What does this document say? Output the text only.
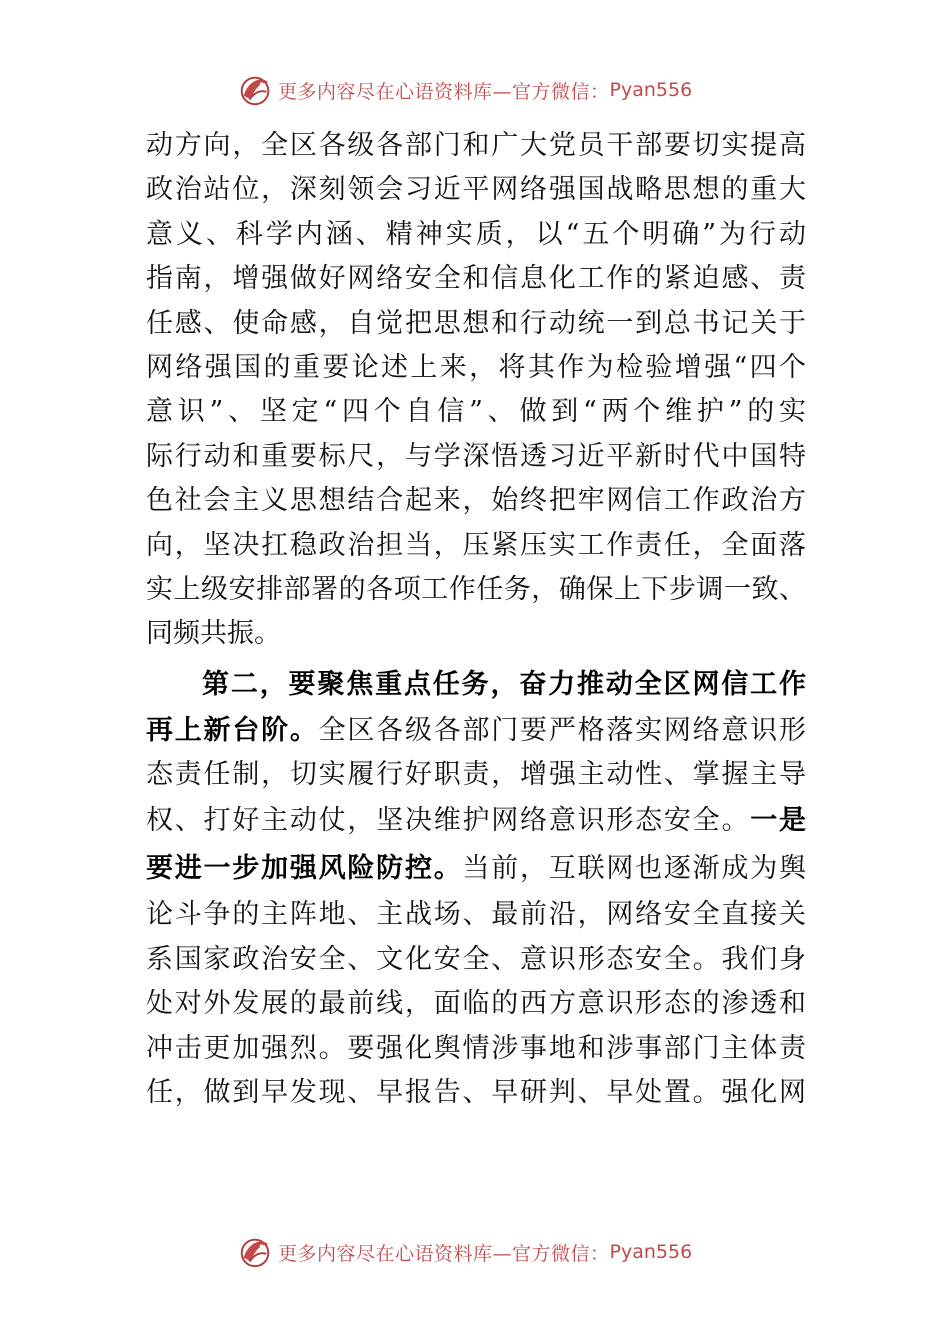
更多内容尽在心语资料库— 官方微信： Pyan556
动方向，全区各级各部门和广大党员干部要切实提高
政治站位，深刻领会习近平网络强国战略思想的重大
意义、科学内涵、精神实质，以“五个明确”为行动
指南，增强做好网络安全和信息化工作的紧迫感、责
任感、使命感，自觉把思想和行动统一到总书记关于
网络强国的重要论述上来，将其作为检验增强“四个
意识”、坚定“四个自信”、做到“两个维护”的实
际行动和重要标尺，与学深悟透习近平新时代中国特
色社会主义思想结合起来，始终把牢网信工作政治方
向，坚决扛稳政治担当，压紧压实工作责任，全面落
实上级安排部署的各项工作任务，确保上下步调一致、
同频共振。
第二，要聚焦重点任务，奋力推动全区网信工作
再上新台阶。全区各级各部门要严格落实网络意识形
态责任制，切实履行好职责，增强主动性、掌握主导
权、打好主动仗，坚决维护网络意识形态安全。一是
要进一步加强风险防控。当前，互联网也逐渐成为舆
论斗争的主阵地、主战场、最前沿，网络安全直接关
系国家政治安全、文化安全、意识形态安全。我们身
处对外发展的最前线，面临的西方意识形态的渗透和
冲击更加强烈。要强化舆情涉事地和涉事部门主体责
任，做到早发现、早报告、早研判、早处置。强化网
更多内容尽在心语资料库— 官方微信： Pyan556
